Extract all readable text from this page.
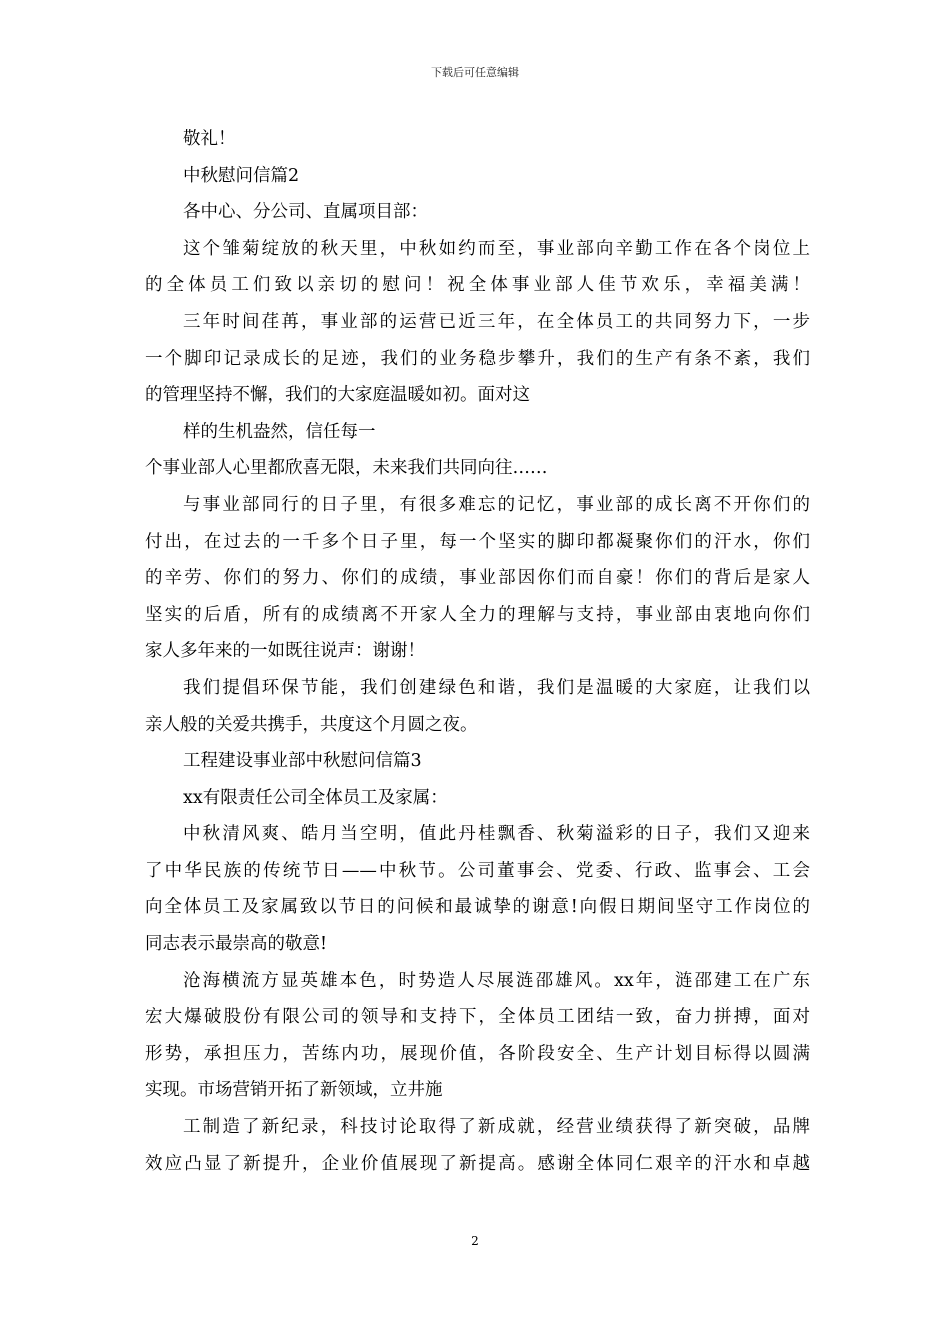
下载后可任意编辑
敬礼！
中秋慰问信篇2
各中心、分公司、直属项目部：
这个雏菊绽放的秋天里，中秋如约而至，事业部向辛勤工作在各个岗位上
的全体员工们致以亲切的慰问！祝全体事业部人佳节欢乐，幸福美满！
三年时间荏苒，事业部的运营已近三年，在全体员工的共同努力下，一步
一个脚印记录成长的足迹，我们的业务稳步攀升，我们的生产有条不紊，我们
的管理坚持不懈，我们的大家庭温暖如初。面对这
样的生机盎然，信任每一
个事业部人心里都欣喜无限，未来我们共同向往……
与事业部同行的日子里，有很多难忘的记忆，事业部的成长离不开你们的
付出，在过去的一千多个日子里，每一个坚实的脚印都凝聚你们的汗水，你们
的辛劳、你们的努力、你们的成绩，事业部因你们而自豪！你们的背后是家人
坚实的后盾，所有的成绩离不开家人全力的理解与支持，事业部由衷地向你们
家人多年来的一如既往说声：谢谢！
我们提倡环保节能，我们创建绿色和谐，我们是温暖的大家庭，让我们以
亲人般的关爱共携手，共度这个月圆之夜。
工程建设事业部中秋慰问信篇3
xx有限责任公司全体员工及家属：
中秋清风爽、皓月当空明，值此丹桂飘香、秋菊溢彩的日子，我们又迎来
了中华民族的传统节日——中秋节。公司董事会、党委、行政、监事会、工会
向全体员工及家属致以节日的问候和最诚挚的谢意!向假日期间坚守工作岗位的
同志表示最崇高的敬意!
沧海横流方显英雄本色，时势造人尽展涟邵雄风。xx年，涟邵建工在广东
宏大爆破股份有限公司的领导和支持下，全体员工团结一致，奋力拼搏，面对
形势，承担压力，苦练内功，展现价值，各阶段安全、生产计划目标得以圆满
实现。市场营销开拓了新领域，立井施
工制造了新纪录，科技讨论取得了新成就，经营业绩获得了新突破，品牌
效应凸显了新提升，企业价值展现了新提高。感谢全体同仁艰辛的汗水和卓越
2
